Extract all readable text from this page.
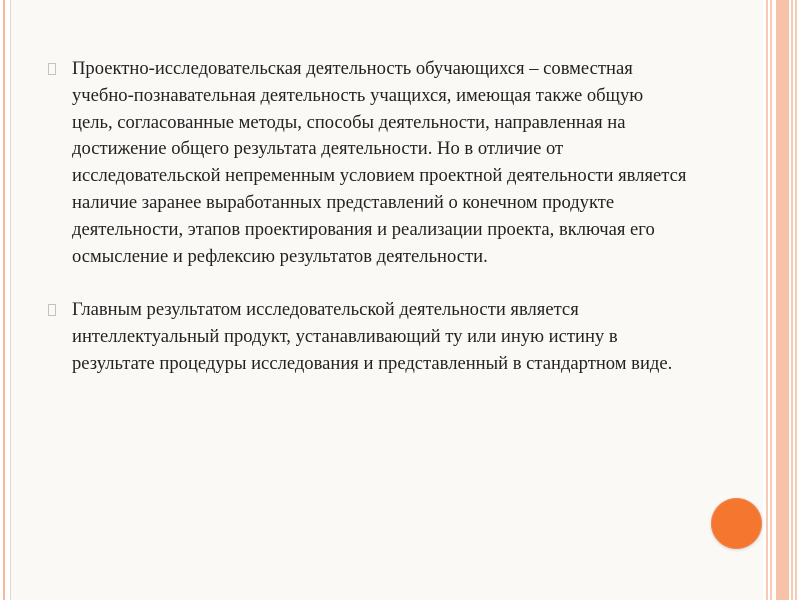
Проектно-исследовательская деятельность обучающихся – совместная учебно-познавательная деятельность учащихся, имеющая также общую цель, согласованные методы, способы деятельности, направленная на достижение общего результата деятельности. Но в отличие от исследовательской непременным условием проектной деятельности является наличие заранее выработанных представлений о конечном продукте деятельности, этапов проектирования и реализации проекта, включая его осмысление и рефлексию результатов деятельности.
Главным результатом исследовательской деятельности является интеллектуальный продукт, устанавливающий ту или иную истину в результате процедуры исследования и представленный в стандартном виде.
